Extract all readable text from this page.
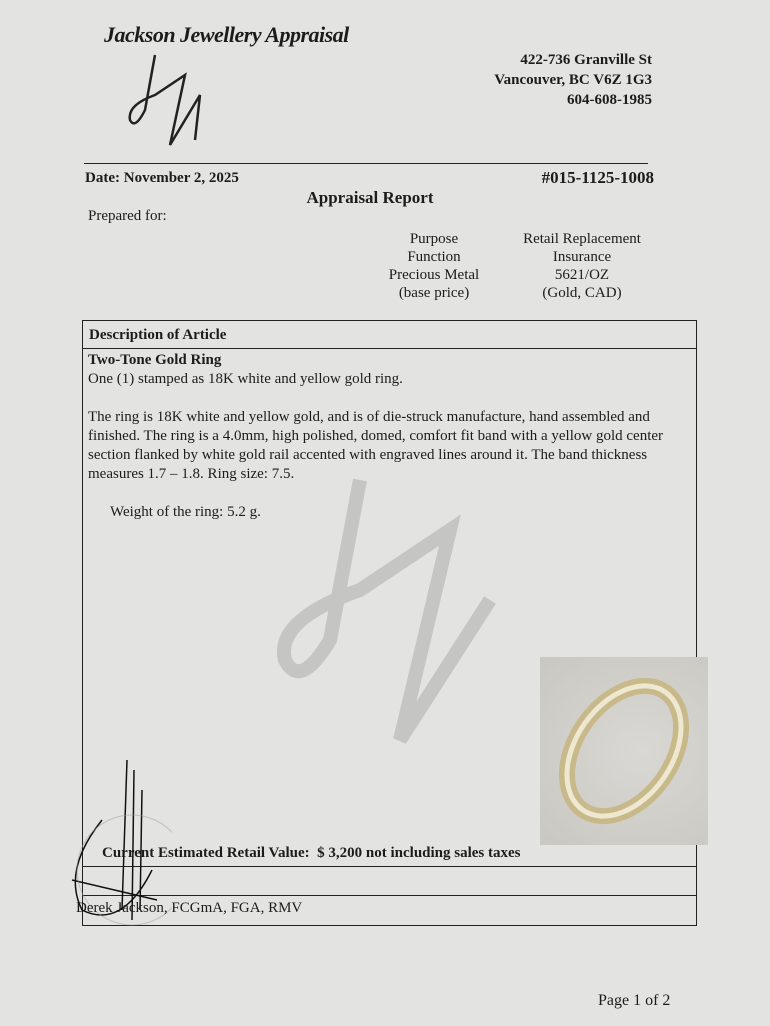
Jackson Jewellery Appraisal
422-736 Granville St
Vancouver, BC V6Z 1G3
604-608-1985
Date: November 2, 2025	#015-1125-1008
Appraisal Report
Prepared for:
Purpose
Function
Precious Metal
(base price)
Retail Replacement
Insurance
5621/OZ
(Gold, CAD)
Description of Article
Two-Tone Gold Ring
One (1) stamped as 18K white and yellow gold ring.
The ring is 18K white and yellow gold, and is of die-struck manufacture, hand assembled and finished. The ring is a 4.0mm, high polished, domed, comfort fit band with a yellow gold center section flanked by white gold rail accented with engraved lines around it. The band thickness measures 1.7 – 1.8. Ring size: 7.5.
Weight of the ring: 5.2 g.
Current Estimated Retail Value: $ 3,200 not including sales taxes
Derek Jackson, FCGmA, FGA, RMV
Page 1 of 2
